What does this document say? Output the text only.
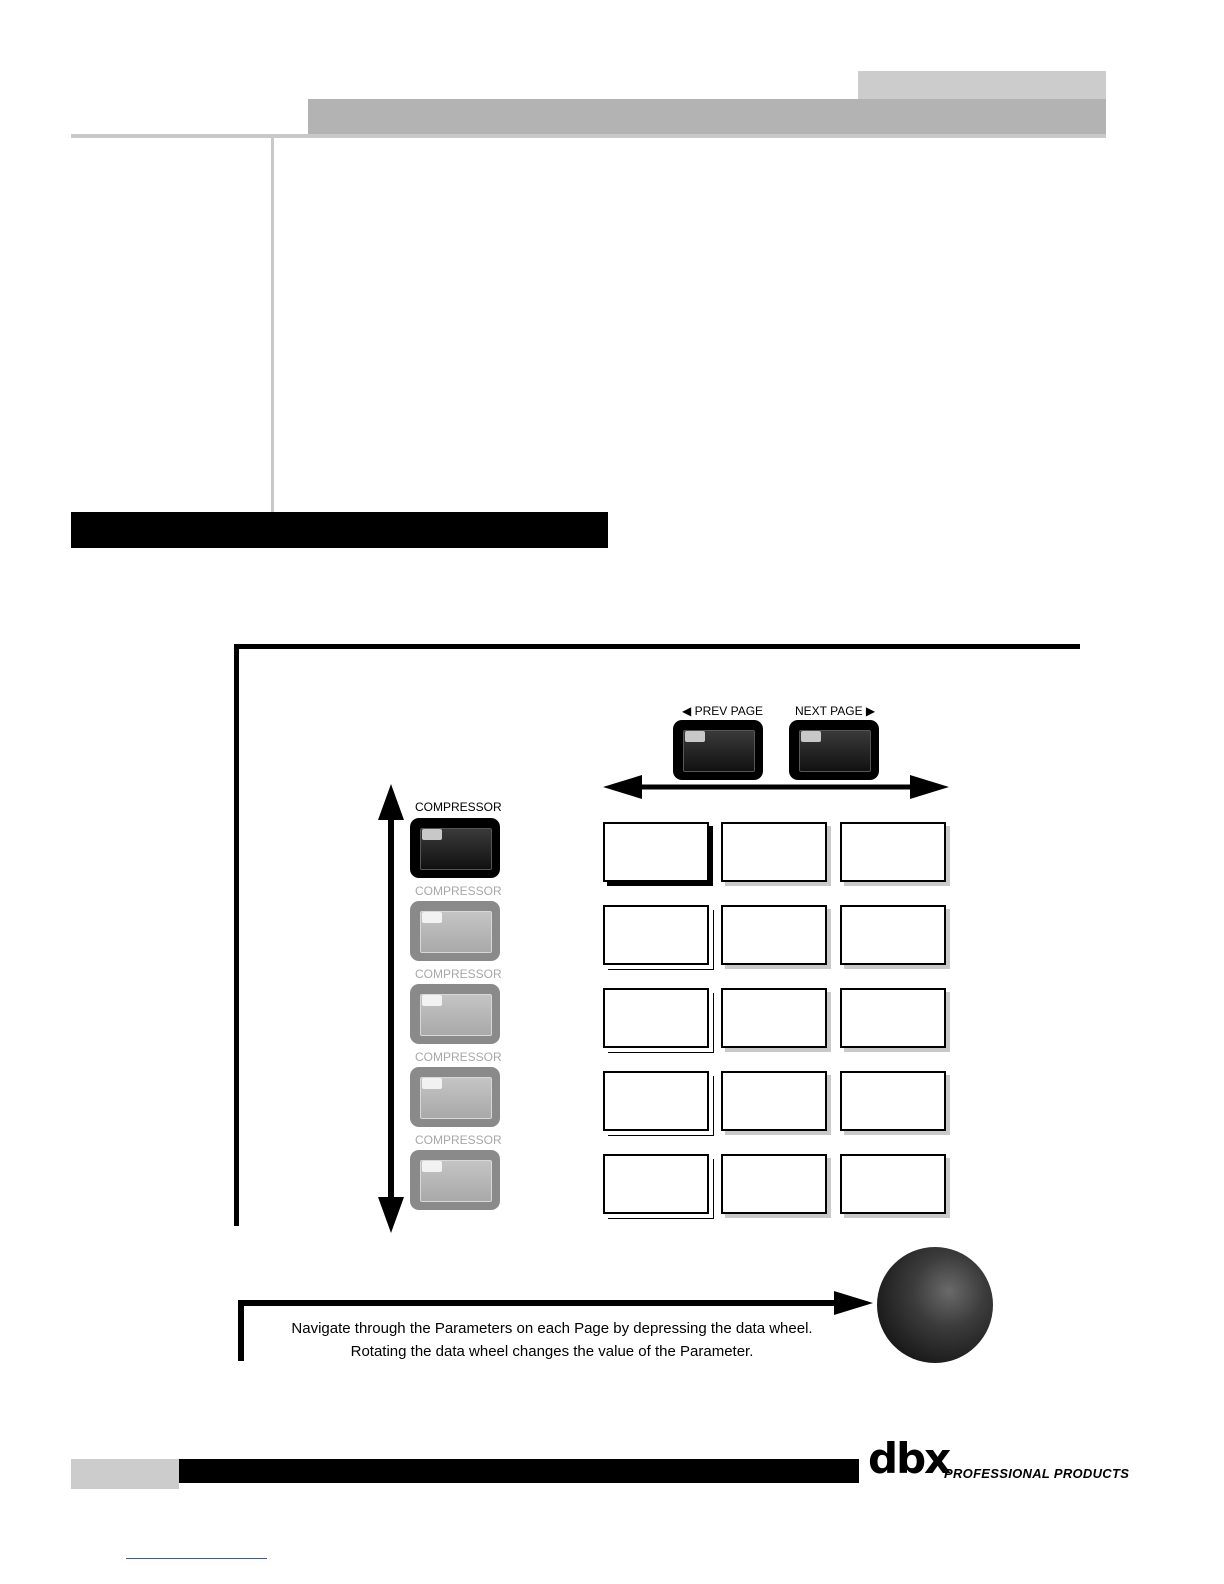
◀ PREV PAGE	NEXT PAGE ▶
COMPRESSOR
COMPRESSOR
COMPRESSOR
COMPRESSOR
COMPRESSOR
Navigate through the Parameters on each Page by depressing the data wheel.
Rotating the data wheel changes the value of the Parameter.
dbx
PROFESSIONAL PRODUCTS
